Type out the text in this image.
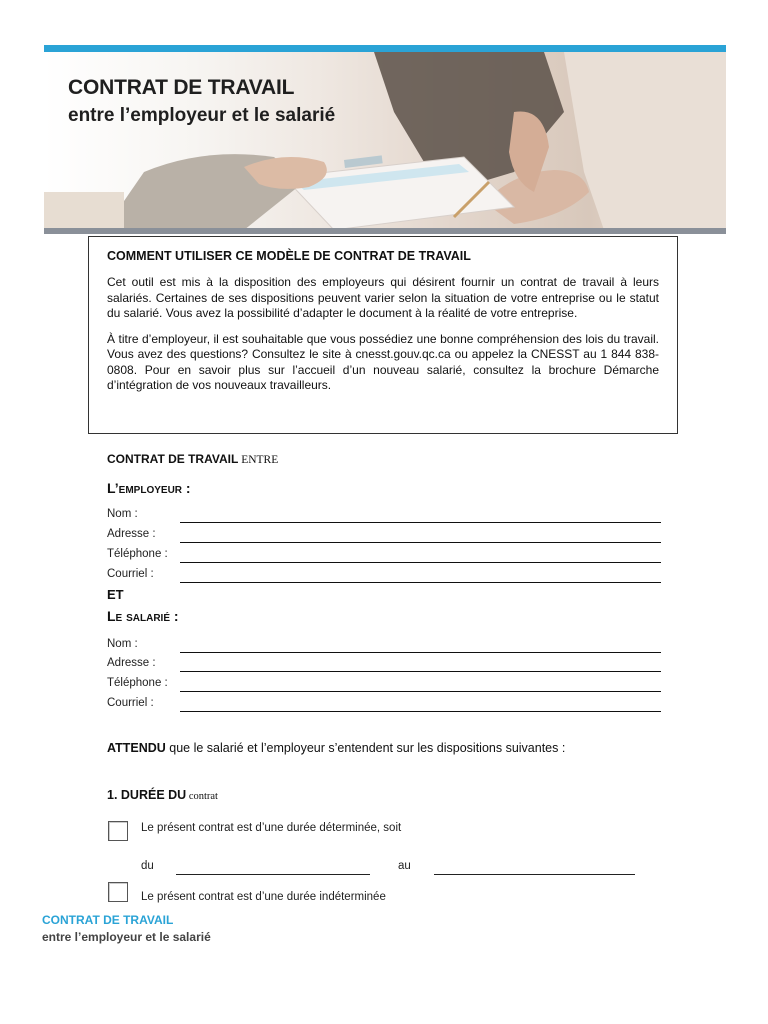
CONTRAT DE TRAVAIL
entre l’employeur et le salarié
COMMENT UTILISER CE MODÈLE DE CONTRAT DE TRAVAIL

Cet outil est mis à la disposition des employeurs qui désirent fournir un contrat de travail à leurs salariés. Certaines de ses dispositions peuvent varier selon la situation de votre entreprise ou le statut du salarié. Vous avez la possibilité d’adapter le document à la réalité de votre entreprise.

À titre d’employeur, il est souhaitable que vous possédiez une bonne compréhension des lois du travail. Vous avez des questions? Consultez le site à cnesst.gouv.qc.ca ou appelez la CNESST au 1 844 838-0808. Pour en savoir plus sur l’accueil d’un nouveau salarié, consultez la brochure Démarche d’intégration de vos nouveaux travailleurs.

CONTRAT DE TRAVAIL ENTRE
L’employeur :
Nom :
Adresse :
Téléphone :
Courriel :
ET
Le salarié :
Nom :
Adresse :
Téléphone :
Courriel :
ATTENDU que le salarié et l’employeur s’entendent sur les dispositions suivantes :
1. DURÉE DU contrat
Le présent contrat est d’une durée déterminée, soit
du	au
Le présent contrat est d’une durée indéterminée
CONTRAT DE TRAVAIL
entre l’employeur et le salarié
